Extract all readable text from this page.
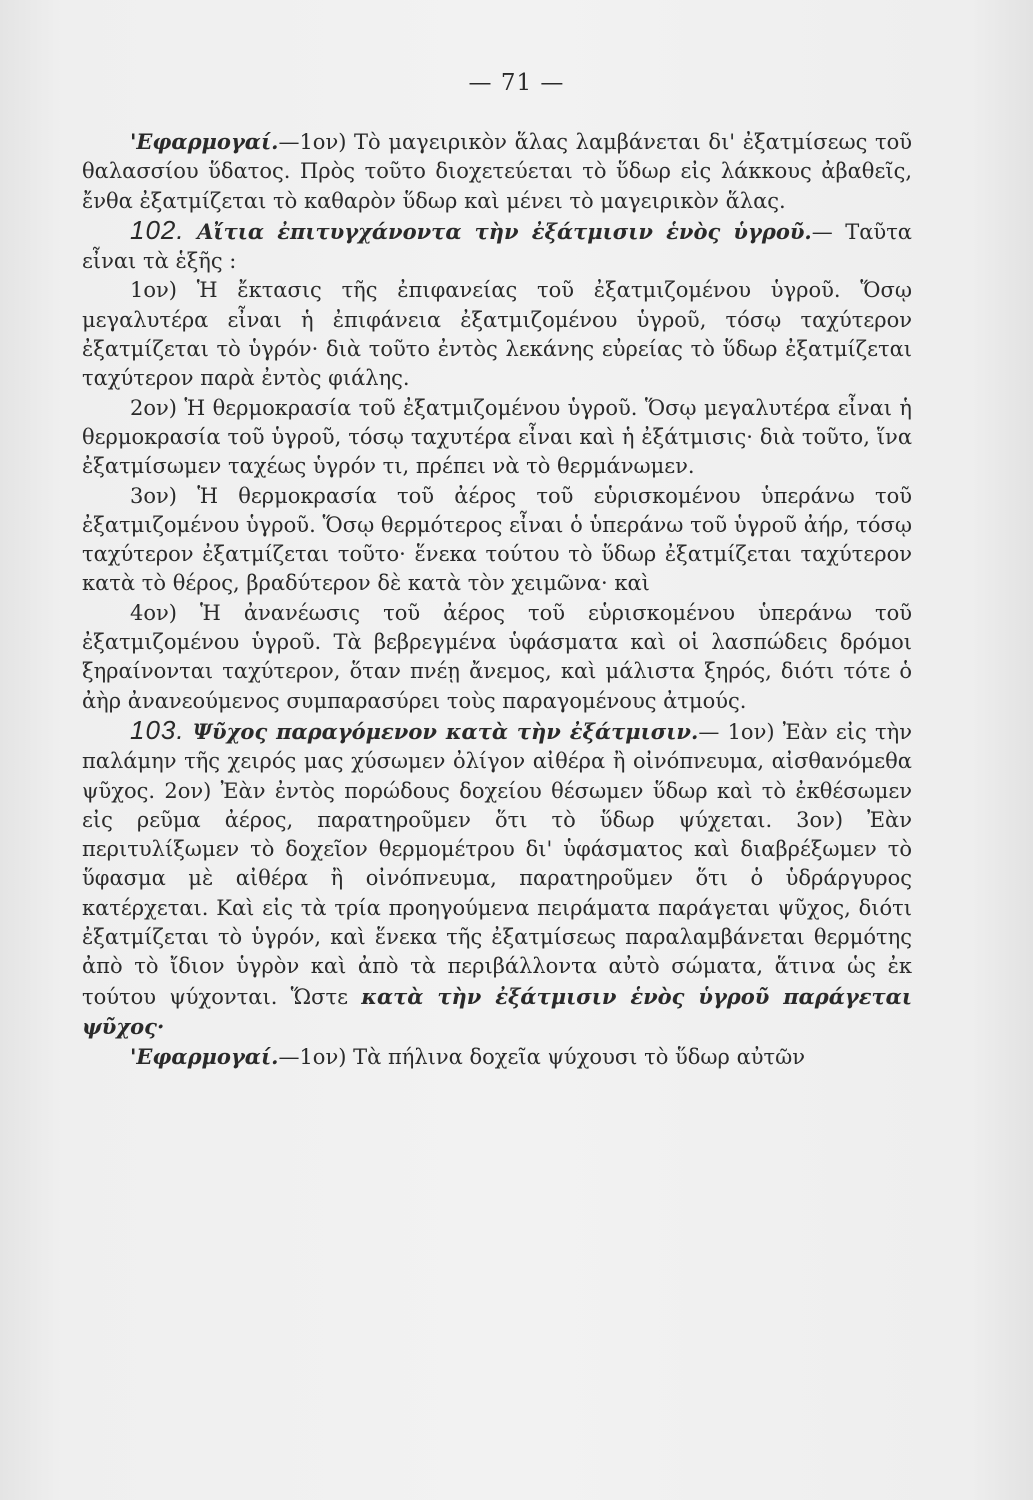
— 71 —

'Εφαρμογαί.—1ον) Τὸ μαγειρικὸν ἅλας λαμβάνεται δι' ἐξατμίσεως τοῦ θαλασσίου ὕδατος. Πρὸς τοῦτο διοχετεύεται τὸ ὕδωρ εἰς λάκκους ἀβαθεῖς, ἔνθα ἐξατμίζεται τὸ καθαρὸν ὕδωρ καὶ μένει τὸ μαγειρικὸν ἅλας.

102. Αἴτια ἐπιτυγχάνοντα τὴν ἐξάτμισιν ἑνὸς ὑγροῦ.— Ταῦτα εἶναι τὰ ἑξῆς :

1ον) Ἡ ἔκτασις τῆς ἐπιφανείας τοῦ ἐξατμιζομένου ὑγροῦ. Ὅσῳ μεγαλυτέρα εἶναι ἡ ἐπιφάνεια ἐξατμιζομένου ὑγροῦ, τόσῳ ταχύτερον ἐξατμίζεται τὸ ὑγρόν· διὰ τοῦτο ἐντὸς λεκάνης εὐρείας τὸ ὕδωρ ἐξατμίζεται ταχύτερον παρὰ ἐντὸς φιάλης.

2ον) Ἡ θερμοκρασία τοῦ ἐξατμιζομένου ὑγροῦ. Ὅσῳ μεγαλυτέρα εἶναι ἡ θερμοκρασία τοῦ ὑγροῦ, τόσῳ ταχυτέρα εἶναι καὶ ἡ ἐξάτμισις· διὰ τοῦτο, ἵνα ἐξατμίσωμεν ταχέως ὑγρόν τι, πρέπει νὰ τὸ θερμάνωμεν.

3ον) Ἡ θερμοκρασία τοῦ ἀέρος τοῦ εὑρισκομένου ὑπεράνω τοῦ ἐξατμιζομένου ὑγροῦ. Ὅσῳ θερμότερος εἶναι ὁ ὑπεράνω τοῦ ὑγροῦ ἀήρ, τόσῳ ταχύτερον ἐξατμίζεται τοῦτο· ἕνεκα τούτου τὸ ὕδωρ ἐξατμίζεται ταχύτερον κατὰ τὸ θέρος, βραδύτερον δὲ κατὰ τὸν χειμῶνα· καὶ

4ον) Ἡ ἀνανέωσις τοῦ ἀέρος τοῦ εὑρισκομένου ὑπεράνω τοῦ ἐξατμιζομένου ὑγροῦ. Τὰ βεβρεγμένα ὑφάσματα καὶ οἱ λασπώδεις δρόμοι ξηραίνονται ταχύτερον, ὅταν πνέῃ ἄνεμος, καὶ μάλιστα ξηρός, διότι τότε ὁ ἀὴρ ἀνανεούμενος συμπαρασύρει τοὺς παραγομένους ἀτμούς.

103. Ψῦχος παραγόμενον κατὰ τὴν ἐξάτμισιν.— 1ον) Ἐὰν εἰς τὴν παλάμην τῆς χειρός μας χύσωμεν ὀλίγον αἰθέρα ἢ οἰνόπνευμα, αἰσθανόμεθα ψῦχος. 2ον) Ἐὰν ἐντὸς πορώδους δοχείου θέσωμεν ὕδωρ καὶ τὸ ἐκθέσωμεν εἰς ρεῦμα ἀέρος, παρατηροῦμεν ὅτι τὸ ὕδωρ ψύχεται. 3ον) Ἐὰν περιτυλίξωμεν τὸ δοχεῖον θερμομέτρου δι' ὑφάσματος καὶ διαβρέξωμεν τὸ ὕφασμα μὲ αἰθέρα ἢ οἰνόπνευμα, παρατηροῦμεν ὅτι ὁ ὑδράργυρος κατέρχεται. Καὶ εἰς τὰ τρία προηγούμενα πειράματα παράγεται ψῦχος, διότι ἐξατμίζεται τὸ ὑγρόν, καὶ ἕνεκα τῆς ἐξατμίσεως παραλαμβάνεται θερμότης ἀπὸ τὸ ἴδιον ὑγρὸν καὶ ἀπὸ τὰ περιβάλλοντα αὐτὸ σώματα, ἅτινα ὡς ἐκ τούτου ψύχονται. Ὥστε κατὰ τὴν ἐξάτμισιν ἑνὸς ὑγροῦ παράγεται ψῦχος·

'Εφαρμογαί.—1ον) Τὰ πήλινα δοχεῖα ψύχουσι τὸ ὕδωρ αὐτῶν
